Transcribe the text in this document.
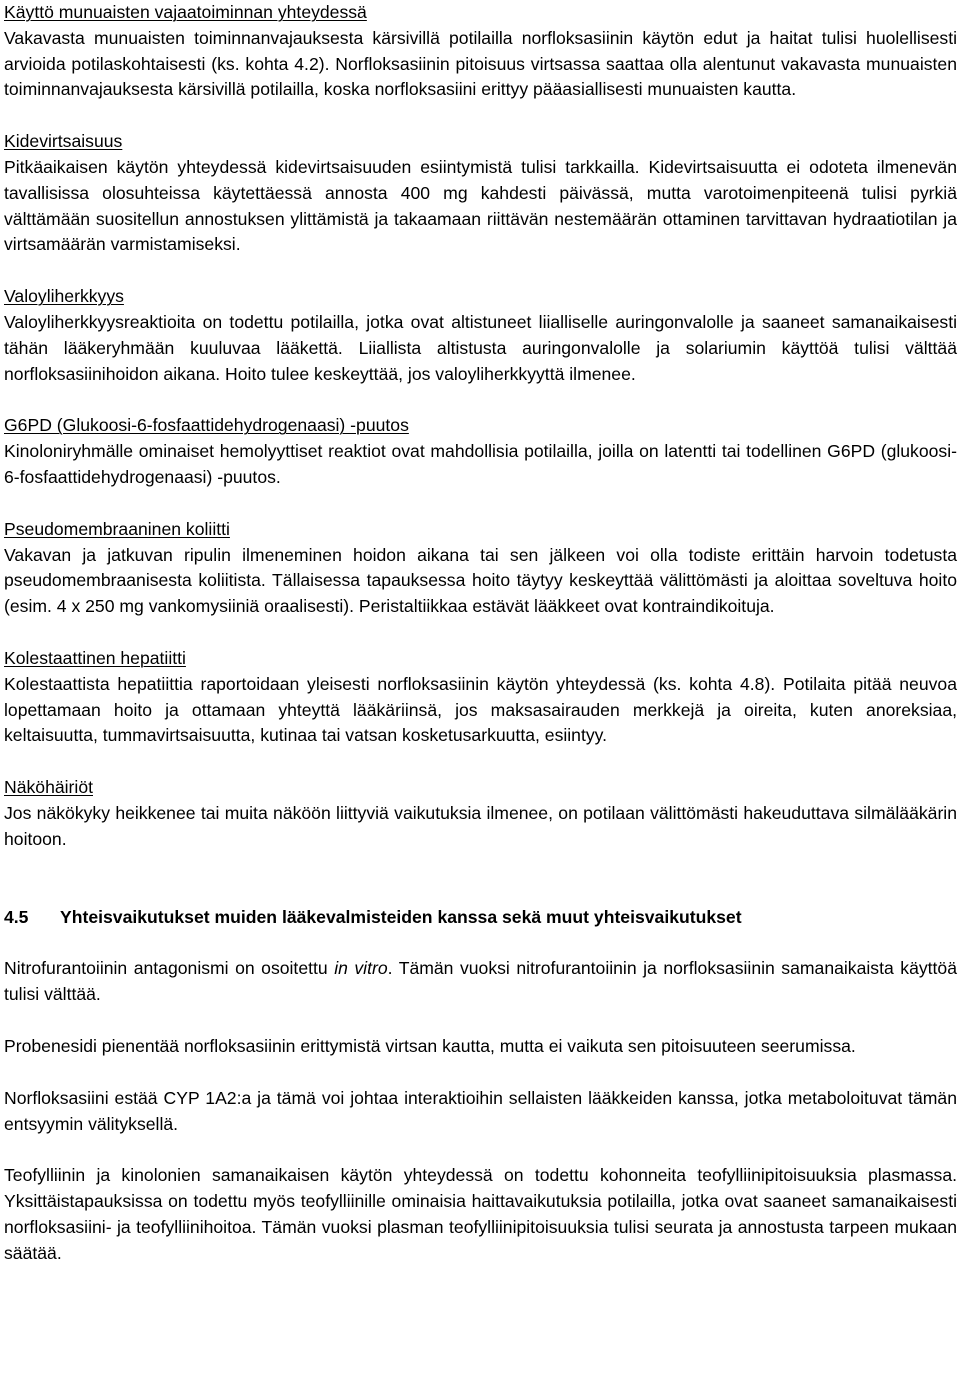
Käyttö munuaisten vajaatoiminnan yhteydessä
Vakavasta munuaisten toiminnanvajauksesta kärsivillä potilailla norfloksasiinin käytön edut ja haitat tulisi huolellisesti arvioida potilaskohtaisesti (ks. kohta 4.2). Norfloksasiinin pitoisuus virtsassa saattaa olla alentunut vakavasta munuaisten toiminnanvajauksesta kärsivillä potilailla, koska norfloksasiini erittyy pääasiallisesti munuaisten kautta.
Kidevirtsaisuus
Pitkäaikaisen käytön yhteydessä kidevirtsaisuuden esiintymistä tulisi tarkkailla. Kidevirtsaisuutta ei odoteta ilmenevän tavallisissa olosuhteissa käytettäessä annosta 400 mg kahdesti päivässä, mutta varotoimenpiteenä tulisi pyrkiä välttämään suositellun annostuksen ylittämistä ja takaamaan riittävän nestemäärän ottaminen tarvittavan hydraatiotilan ja virtsamäärän varmistamiseksi.
Valoyliherkkyys
Valoyliherkkyysreaktioita on todettu potilailla, jotka ovat altistuneet liialliselle auringonvalolle ja saaneet samanaikaisesti tähän lääkeryhmään kuuluvaa lääkettä. Liiallista altistusta auringonvalolle ja solariumin käyttöä tulisi välttää norfloksasiinihoidon aikana. Hoito tulee keskeyttää, jos valoyliherkkyyttä ilmenee.
G6PD (Glukoosi-6-fosfaattidehydrogenaasi) -puutos
Kinoloniryhmälle ominaiset hemolyyttiset reaktiot ovat mahdollisia potilailla, joilla on latentti tai todellinen G6PD (glukoosi-6-fosfaattidehydrogenaasi) -puutos.
Pseudomembraaninen koliitti
Vakavan ja jatkuvan ripulin ilmeneminen hoidon aikana tai sen jälkeen voi olla todiste erittäin harvoin todetusta pseudomembraanisesta koliitista. Tällaisessa tapauksessa hoito täytyy keskeyttää välittömästi ja aloittaa soveltuva hoito (esim. 4 x 250 mg vankomysiiniä oraalisesti). Peristaltiikkaa estävät lääkkeet ovat kontraindikoituja.
Kolestaattinen hepatiitti
Kolestaattista hepatiittia raportoidaan yleisesti norfloksasiinin käytön yhteydessä (ks. kohta 4.8). Potilaita pitää neuvoa lopettamaan hoito ja ottamaan yhteyttä lääkäriinsä, jos maksasairauden merkkejä ja oireita, kuten anoreksiaa, keltaisuutta, tummavirtsaisuutta, kutinaa tai vatsan kosketusarkuutta, esiintyy.
Näköhäiriöt
Jos näkökyky heikkenee tai muita näköön liittyviä vaikutuksia ilmenee, on potilaan välittömästi hakeuduttava silmälääkärin hoitoon.
4.5	Yhteisvaikutukset muiden lääkevalmisteiden kanssa sekä muut yhteisvaikutukset
Nitrofurantoiinin antagonismi on osoitettu in vitro. Tämän vuoksi nitrofurantoiinin ja norfloksasiinin samanaikaista käyttöä tulisi välttää.
Probenesidi pienentää norfloksasiinin erittymistä virtsan kautta, mutta ei vaikuta sen pitoisuuteen seerumissa.
Norfloksasiini estää CYP 1A2:a ja tämä voi johtaa interaktioihin sellaisten lääkkeiden kanssa, jotka metaboloituvat tämän entsyymin välityksellä.
Teofylliinin ja kinolonien samanaikaisen käytön yhteydessä on todettu kohonneita teofylliinipitoisuuksia plasmassa. Yksittäistapauksissa on todettu myös teofylliinille ominaisia haittavaikutuksia potilailla, jotka ovat saaneet samanaikaisesti norfloksasiini- ja teofylliinihoitoa. Tämän vuoksi plasman teofylliinipitoisuuksia tulisi seurata ja annostusta tarpeen mukaan säätää.
